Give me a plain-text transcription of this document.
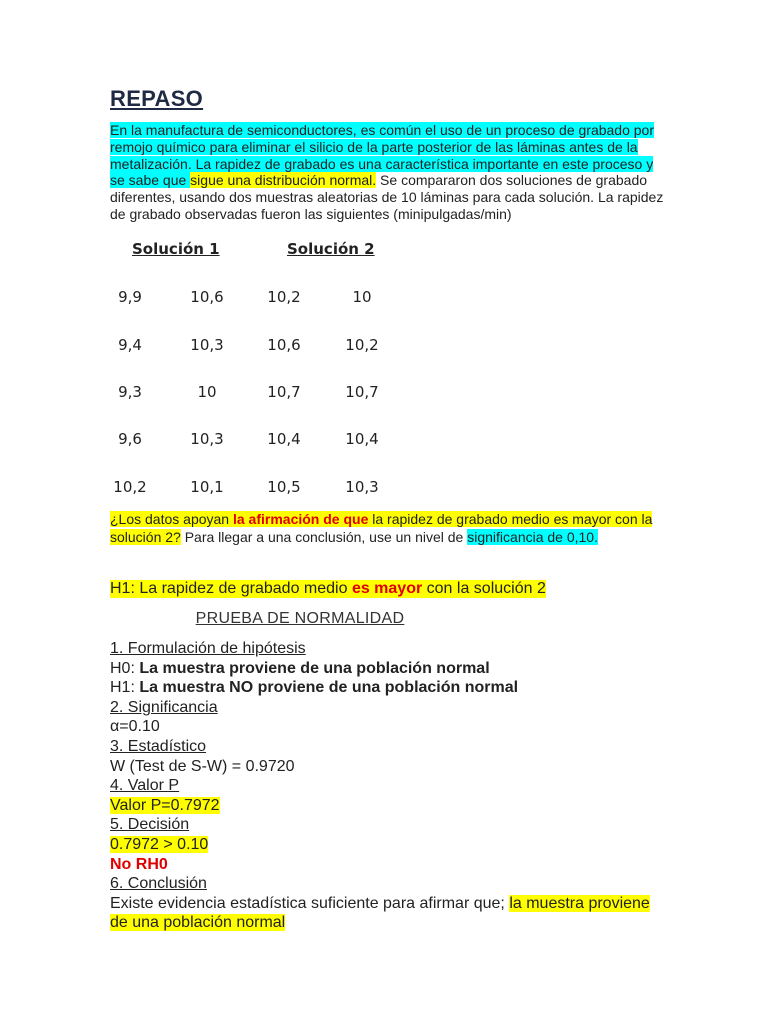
REPASO
En la manufactura de semiconductores, es común el uso de un proceso de grabado por remojo químico para eliminar el silicio de la parte posterior de las láminas antes de la metalización. La rapidez de grabado es una característica importante en este proceso y se sabe que sigue una distribución normal. Se compararon dos soluciones de grabado diferentes, usando dos muestras aleatorias de 10 láminas para cada solución. La rapidez de grabado observadas fueron las siguientes (minipulgadas/min)
Solución 1	Solución 2
9,9	10,6	10,2	10
9,4	10,3	10,6	10,2
9,3	10	10,7	10,7
9,6	10,3	10,4	10,4
10,2	10,1	10,5	10,3
¿Los datos apoyan la afirmación de que la rapidez de grabado medio es mayor con la solución 2? Para llegar a una conclusión, use un nivel de significancia de 0,10.
H1: La rapidez de grabado medio es mayor con la solución 2
PRUEBA DE NORMALIDAD
1. Formulación de hipótesis
H0: La muestra proviene de una población normal
H1: La muestra NO proviene de una población normal
2. Significancia
α=0.10
3. Estadístico
W (Test de S-W) = 0.9720
4. Valor P
Valor P=0.7972
5. Decisión
0.7972 > 0.10
No RH0
6. Conclusión
Existe evidencia estadística suficiente para afirmar que; la muestra proviene de una población normal
